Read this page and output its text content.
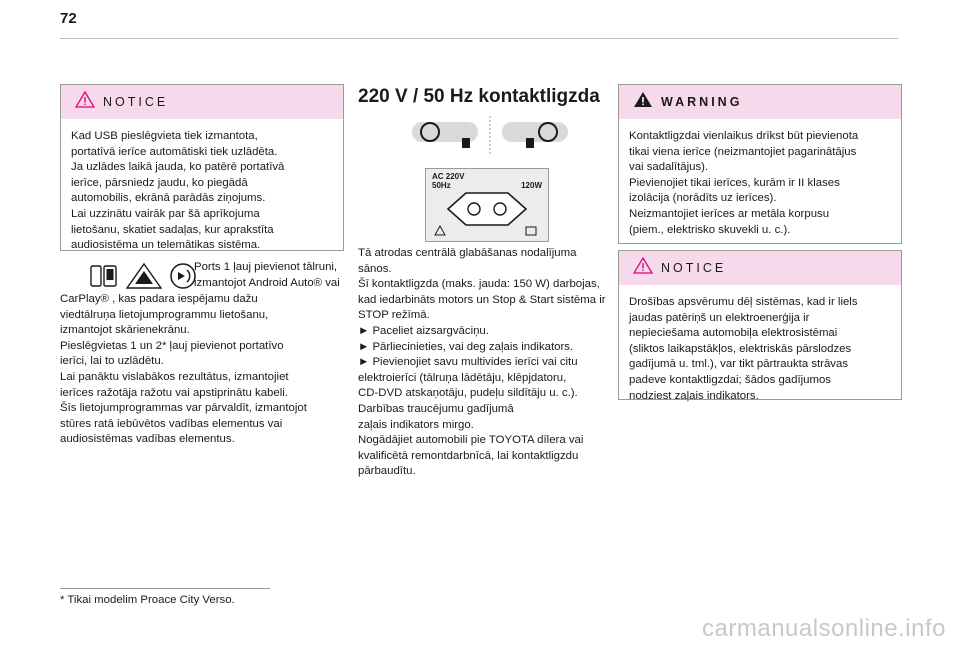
72
NOTICE
Kad USB pieslēgvieta tiek izmantota,
portatīvā ierīce automātiski tiek uzlādēta.
Ja uzlādes laikā jauda, ko patērē portatīvā
ierīce, pārsniedz jaudu, ko piegādā
automobilis, ekrānā parādās ziņojums.
Lai uzzinātu vairāk par šā aprīkojuma
lietošanu, skatiet sadaļas, kur aprakstīta
audiosistēma un telemātikas sistēma.
Ports 1 ļauj pievienot tālruni,
izmantojot Android Auto® vai
CarPlay® , kas padara iespējamu dažu
viedtālruņa lietojumprogrammu lietošanu,
izmantojot skārienekrānu.
Pieslēgvietas 1 un 2* ļauj pievienot portatīvo
ierīci, lai to uzlādētu.
Lai panāktu vislabākos rezultātus, izmantojiet
ierīces ražotāja ražotu vai apstiprinātu kabeli.
Šīs lietojumprogrammas var pārvaldīt, izmantojot
stūres ratā iebūvētos vadības elementus vai
audiosistēmas vadības elementus.
* Tikai modelim Proace City Verso.
220 V / 50 Hz kontaktligzda
AC 220V
50Hz	120W
Tā atrodas centrālā glabāšanas nodalījuma
sānos.
Šī kontaktligzda (maks. jauda: 150 W) darbojas,
kad iedarbināts motors un Stop & Start sistēma ir
STOP režīmā.
► Paceliet aizsargvāciņu.
► Pārliecinieties, vai deg zaļais indikators.
► Pievienojiet savu multivides ierīci vai citu
elektroierīci (tālruņa lādētāju, klēpjdatoru,
CD-DVD atskaņotāju, pudeļu sildītāju u. c.).
Darbības traucējumu gadījumā
zaļais indikators mirgo.
Nogādājiet automobili pie TOYOTA dīlera vai
kvalificētā remontdarbnīcā, lai kontaktligzdu
pārbaudītu.
WARNING
Kontaktligzdai vienlaikus drīkst būt pievienota
tikai viena ierīce (neizmantojiet pagarinātājus
vai sadalītājus).
Pievienojiet tikai ierīces, kurām ir II klases
izolācija (norādīts uz ierīces).
Neizmantojiet ierīces ar metāla korpusu
(piem., elektrisko skuvekli u. c.).
NOTICE
Drošības apsvērumu dēļ sistēmas, kad ir liels
jaudas patēriņš un elektroenerģija ir
nepieciešama automobiļa elektrosistēmai
(sliktos laikapstākļos, elektriskās pārslodzes
gadījumā u. tml.), var tikt pārtraukta strāvas
padeve kontaktligzdai; šādos gadījumos
nodziest zaļais indikators.
carmanualsonline.info
